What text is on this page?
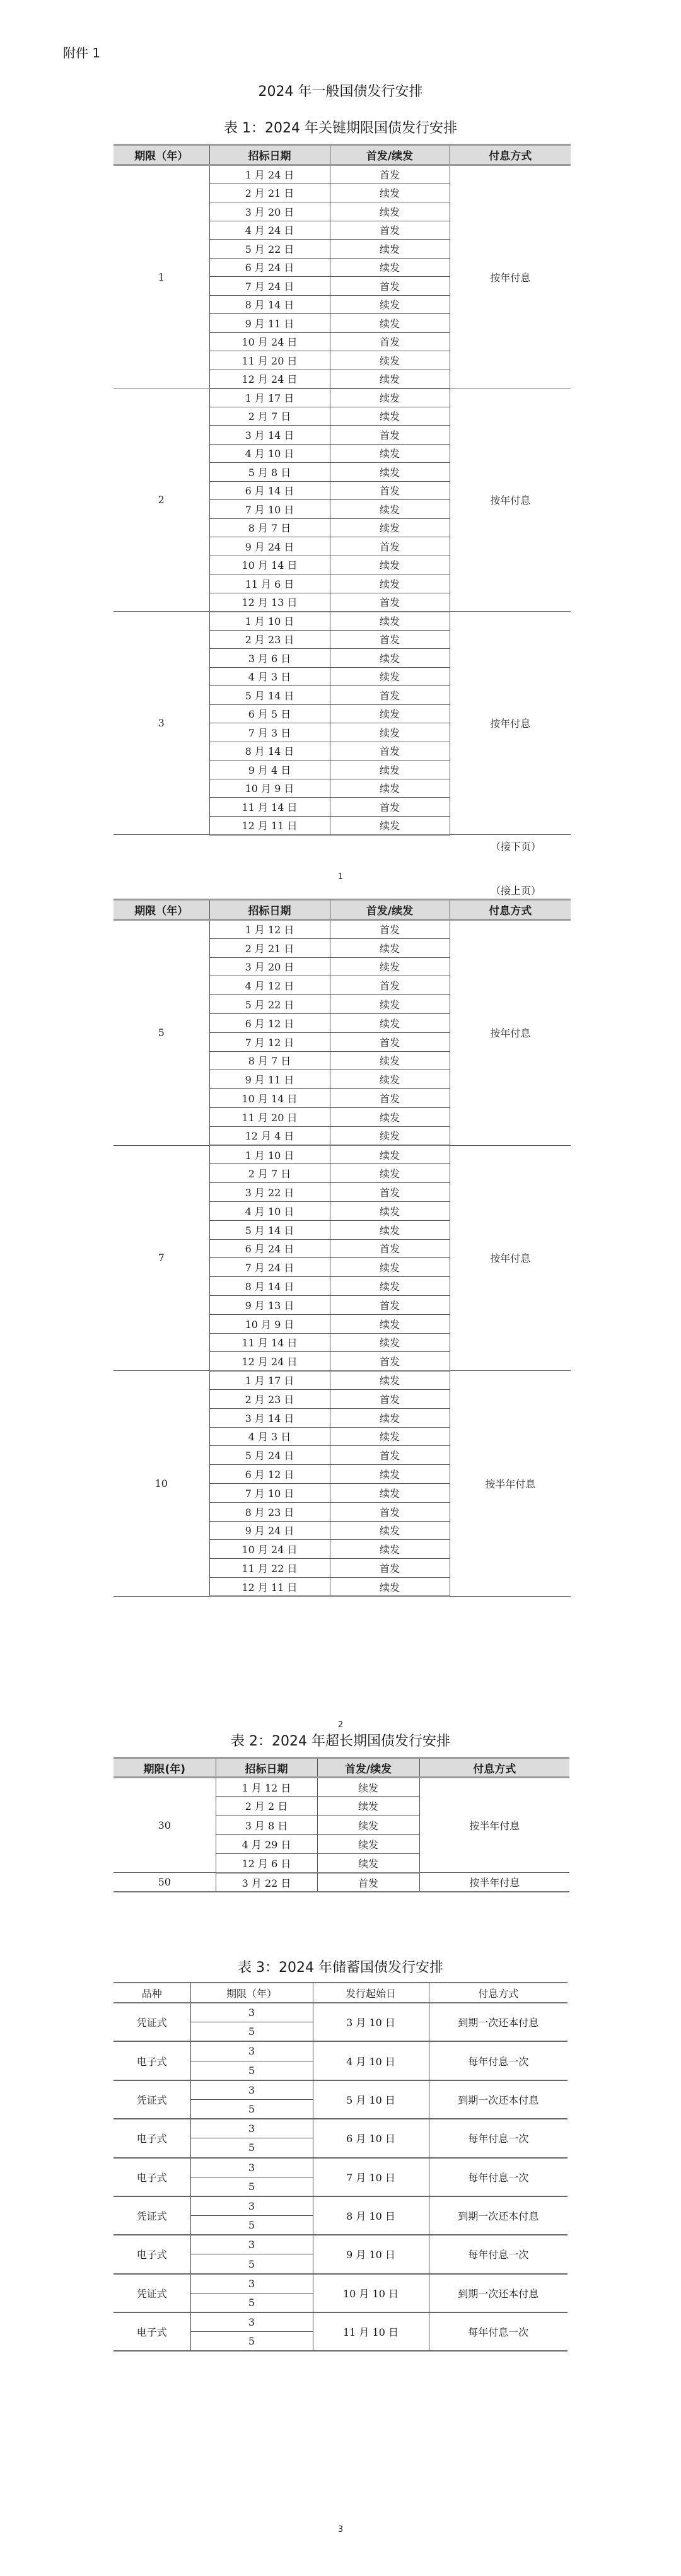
附件 1
2024 年一般国债发行安排
表 1：2024 年关键期限国债发行安排
期限（年）	招标日期	首发/续发	付息方式
1	1 月 24 日	首发	按年付息
	2 月 21 日	续发	
	3 月 20 日	续发	
	4 月 24 日	首发	
	5 月 22 日	续发	
	6 月 24 日	续发	
	7 月 24 日	首发	
	8 月 14 日	续发	
	9 月 11 日	续发	
	10 月 24 日	首发	
	11 月 20 日	续发	
	12 月 24 日	续发	
2	1 月 17 日	续发	按年付息
	2 月 7 日	续发	
	3 月 14 日	首发	
	4 月 10 日	续发	
	5 月 8 日	续发	
	6 月 14 日	首发	
	7 月 10 日	续发	
	8 月 7 日	续发	
	9 月 24 日	首发	
	10 月 14 日	续发	
	11 月 6 日	续发	
	12 月 13 日	首发	
3	1 月 10 日	续发	按年付息
	2 月 23 日	首发	
	3 月 6 日	续发	
	4 月 3 日	续发	
	5 月 14 日	首发	
	6 月 5 日	续发	
	7 月 3 日	续发	
	8 月 14 日	首发	
	9 月 4 日	续发	
	10 月 9 日	续发	
	11 月 14 日	首发	
	12 月 11 日	续发	
（接下页）
1
（接上页）
期限（年）	招标日期	首发/续发	付息方式
5	1 月 12 日	首发	按年付息
	2 月 21 日	续发	
	3 月 20 日	续发	
	4 月 12 日	首发	
	5 月 22 日	续发	
	6 月 12 日	续发	
	7 月 12 日	首发	
	8 月 7 日	续发	
	9 月 11 日	续发	
	10 月 14 日	首发	
	11 月 20 日	续发	
	12 月 4 日	续发	
7	1 月 10 日	续发	按年付息
	2 月 7 日	续发	
	3 月 22 日	首发	
	4 月 10 日	续发	
	5 月 14 日	续发	
	6 月 24 日	首发	
	7 月 24 日	续发	
	8 月 14 日	续发	
	9 月 13 日	首发	
	10 月 9 日	续发	
	11 月 14 日	续发	
	12 月 24 日	首发	
10	1 月 17 日	续发	按半年付息
	2 月 23 日	首发	
	3 月 14 日	续发	
	4 月 3 日	续发	
	5 月 24 日	首发	
	6 月 12 日	续发	
	7 月 10 日	续发	
	8 月 23 日	首发	
	9 月 24 日	续发	
	10 月 24 日	续发	
	11 月 22 日	首发	
	12 月 11 日	续发	
2
表 2：2024 年超长期国债发行安排
期限(年)	招标日期	首发/续发	付息方式
30	1 月 12 日	续发	按半年付息
	2 月 2 日	续发	
	3 月 8 日	续发	
	4 月 29 日	续发	
	12 月 6 日	续发	
50	3 月 22 日	首发	按半年付息
表 3：2024 年储蓄国债发行安排
品种	期限（年）	发行起始日	付息方式
凭证式	3	3 月 10 日	到期一次还本付息
	5		
电子式	3	4 月 10 日	每年付息一次
	5		
凭证式	3	5 月 10 日	到期一次还本付息
	5		
电子式	3	6 月 10 日	每年付息一次
	5		
电子式	3	7 月 10 日	每年付息一次
	5		
凭证式	3	8 月 10 日	到期一次还本付息
	5		
电子式	3	9 月 10 日	每年付息一次
	5		
凭证式	3	10 月 10 日	到期一次还本付息
	5		
电子式	3	11 月 10 日	每年付息一次
	5		
3
